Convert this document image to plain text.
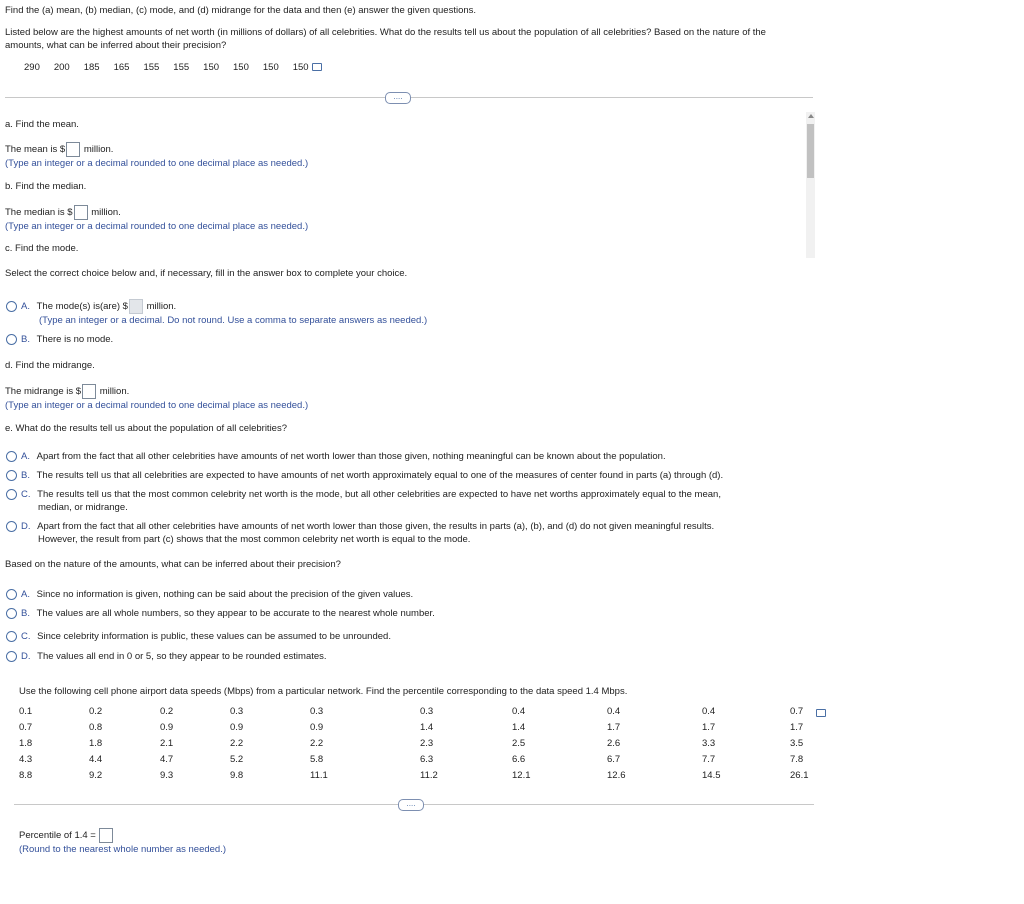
Find the (a) mean, (b) median, (c) mode, and (d) midrange for the data and then (e) answer the given questions.
Listed below are the highest amounts of net worth (in millions of dollars) of all celebrities. What do the results tell us about the population of all celebrities? Based on the nature of the
amounts, what can be inferred about their precision?
290 200 185 165 155 155 150 150 150 150
....
a. Find the mean.
The mean is $ million.
(Type an integer or a decimal rounded to one decimal place as needed.)
b. Find the median.
The median is $ million.
(Type an integer or a decimal rounded to one decimal place as needed.)
c. Find the mode.
Select the correct choice below and, if necessary, fill in the answer box to complete your choice.
A. The mode(s) is(are) $ million.
(Type an integer or a decimal. Do not round. Use a comma to separate answers as needed.)
B. There is no mode.
d. Find the midrange.
The midrange is $ million.
(Type an integer or a decimal rounded to one decimal place as needed.)
e. What do the results tell us about the population of all celebrities?
A. Apart from the fact that all other celebrities have amounts of net worth lower than those given, nothing meaningful can be known about the population.
B. The results tell us that all celebrities are expected to have amounts of net worth approximately equal to one of the measures of center found in parts (a) through (d).
C. The results tell us that the most common celebrity net worth is the mode, but all other celebrities are expected to have net worths approximately equal to the mean,
median, or midrange.
D. Apart from the fact that all other celebrities have amounts of net worth lower than those given, the results in parts (a), (b), and (d) do not given meaningful results.
However, the result from part (c) shows that the most common celebrity net worth is equal to the mode.
Based on the nature of the amounts, what can be inferred about their precision?
A. Since no information is given, nothing can be said about the precision of the given values.
B. The values are all whole numbers, so they appear to be accurate to the nearest whole number.
C. Since celebrity information is public, these values can be assumed to be unrounded.
D. The values all end in 0 or 5, so they appear to be rounded estimates.
Use the following cell phone airport data speeds (Mbps) from a particular network. Find the percentile corresponding to the data speed 1.4 Mbps.
0.1	0.2	0.2	0.3	0.3	0.3	0.4	0.4	0.4	0.7
0.7	0.8	0.9	0.9	0.9	1.4	1.4	1.7	1.7	1.7
1.8	1.8	2.1	2.2	2.2	2.3	2.5	2.6	3.3	3.5
4.3	4.4	4.7	5.2	5.8	6.3	6.6	6.7	7.7	7.8
8.8	9.2	9.3	9.8	11.1	11.2	12.1	12.6	14.5	26.1
....
Percentile of 1.4 =
(Round to the nearest whole number as needed.)
